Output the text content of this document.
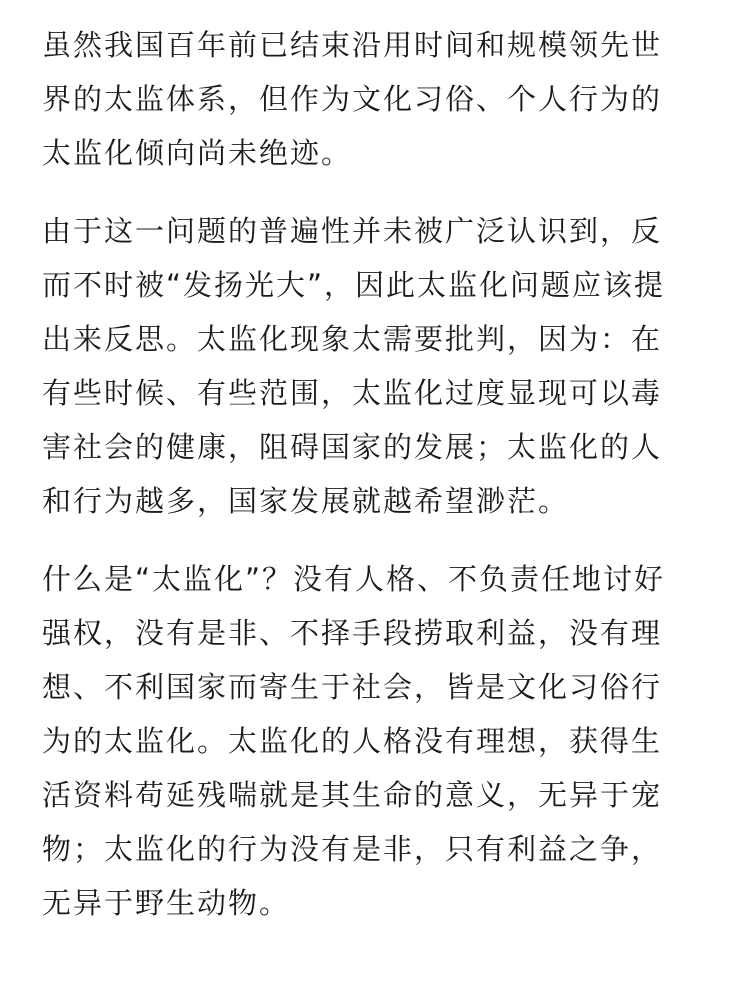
虽然我国百年前已结束沿用时间和规模领先世
界的太监体系，但作为文化习俗、个人行为的
太监化倾向尚未绝迹。
由于这一问题的普遍性并未被广泛认识到，反
而不时被“发扬光大”，因此太监化问题应该提
出来反思。太监化现象太需要批判，因为：在
有些时候、有些范围，太监化过度显现可以毒
害社会的健康，阻碍国家的发展；太监化的人
和行为越多，国家发展就越希望渺茫。
什么是“太监化”？没有人格、不负责任地讨好
强权，没有是非、不择手段捞取利益，没有理
想、不利国家而寄生于社会，皆是文化习俗行
为的太监化。太监化的人格没有理想，获得生
活资料苟延残喘就是其生命的意义，无异于宠
物；太监化的行为没有是非，只有利益之争，
无异于野生动物。
